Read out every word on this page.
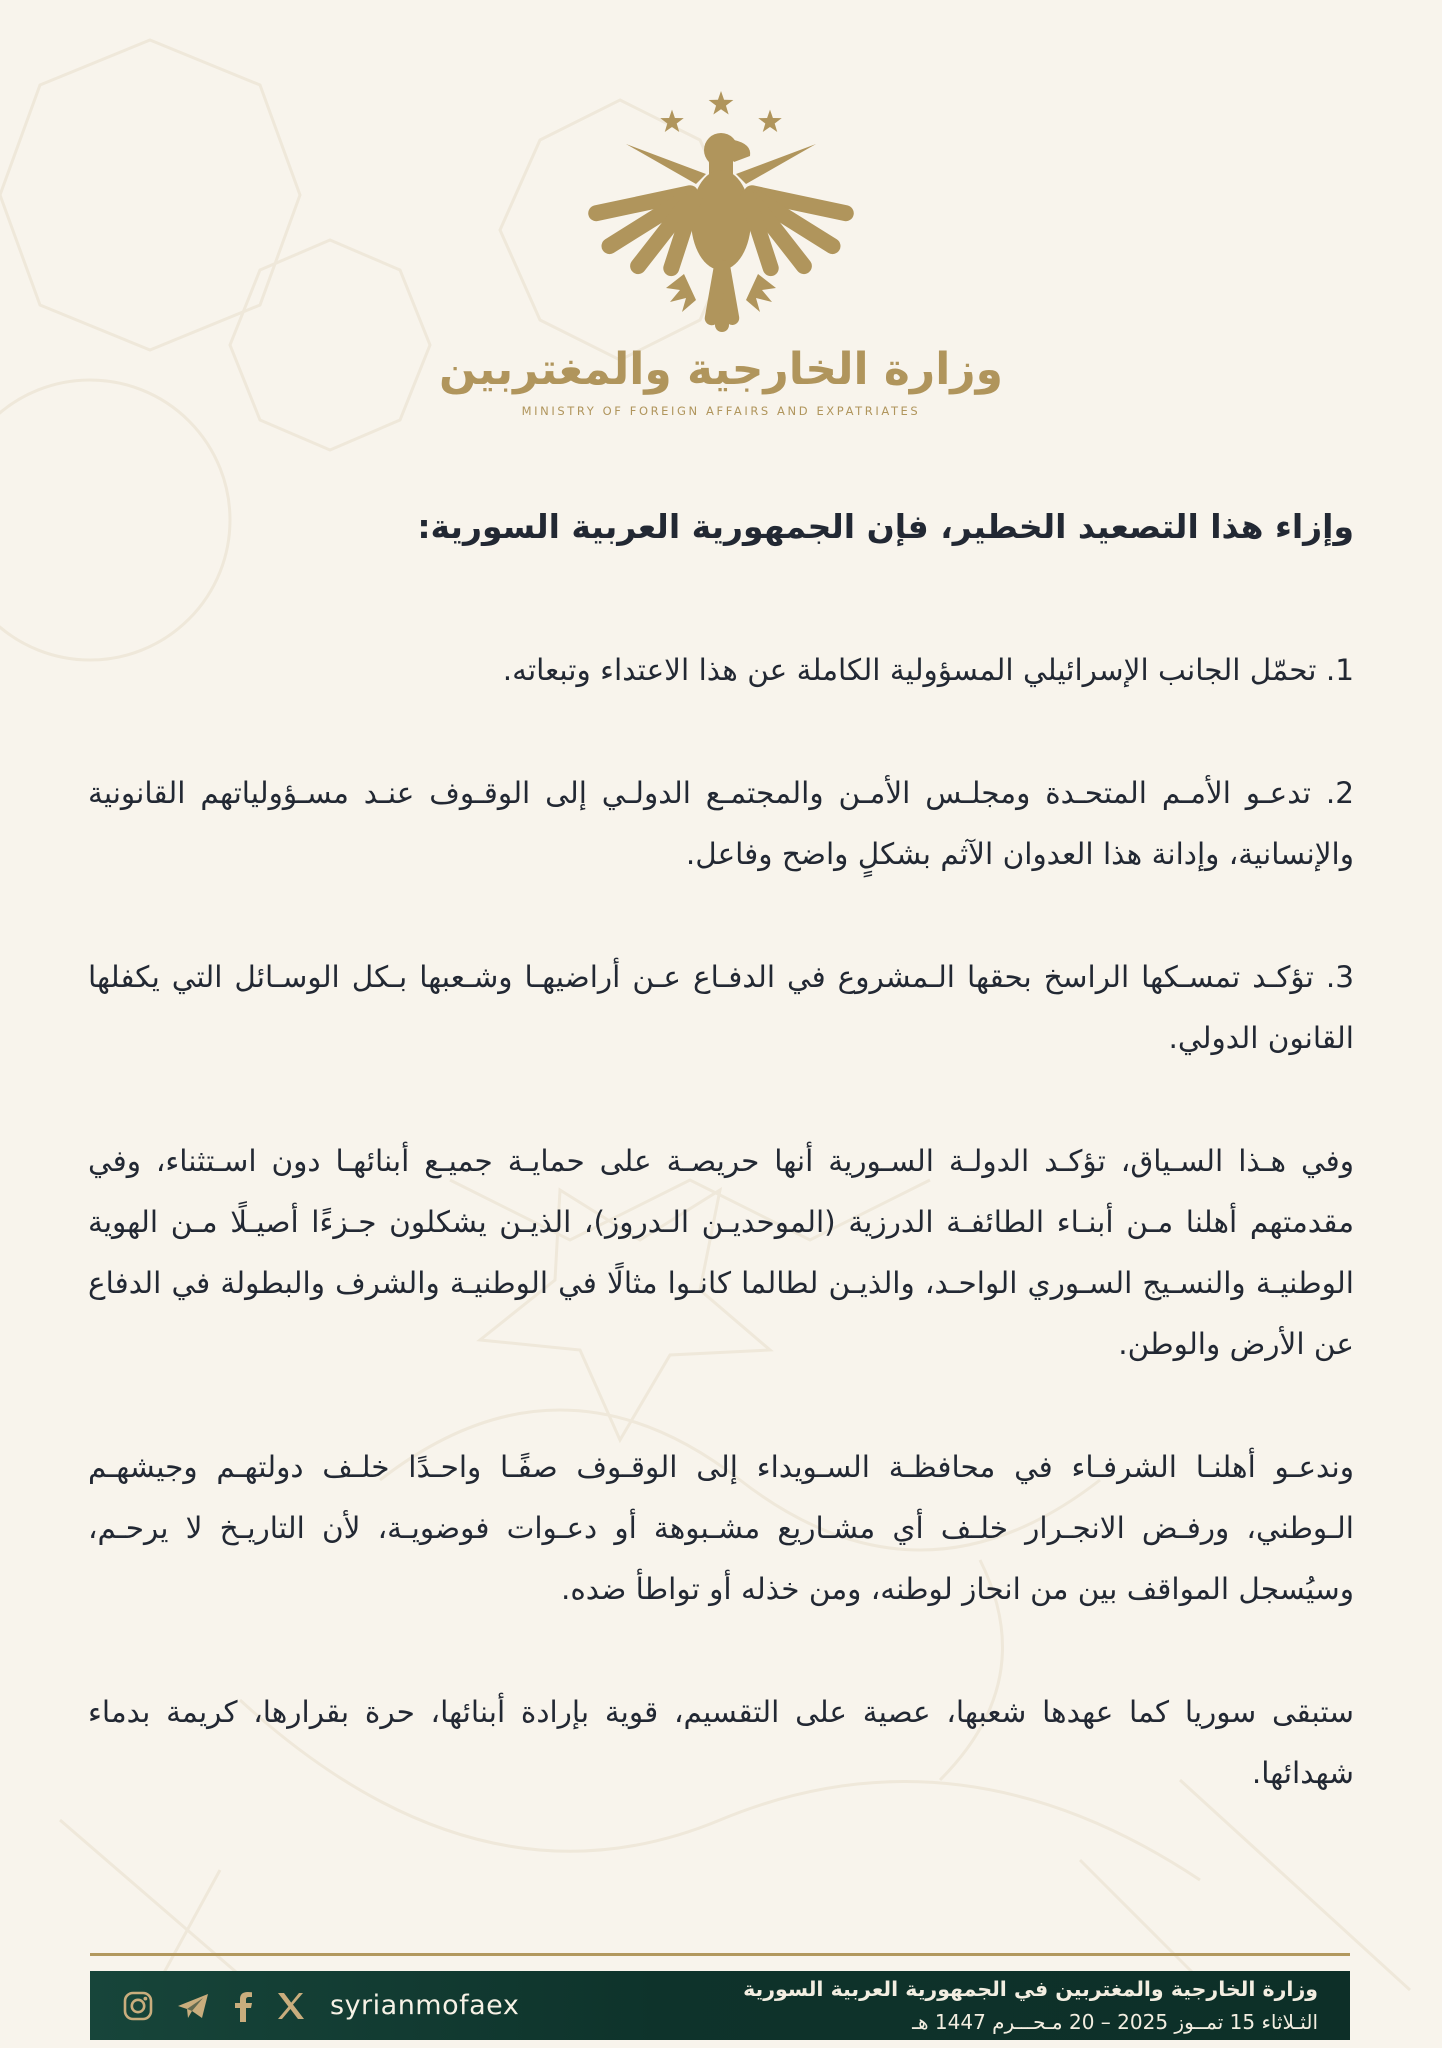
وزارة الخارجية والمغتربين
MINISTRY OF FOREIGN AFFAIRS AND EXPATRIATES
وإزاء هذا التصعيد الخطير، فإن الجمهورية العربية السورية:

1. تحمّل الجانب الإسرائيلي المسؤولية الكاملة عن هذا الاعتداء وتبعاته.

2. تدعـو الأمـم المتحـدة ومجلـس الأمـن والمجتمـع الدولـي إلى الوقـوف عنـد مسـؤولياتهم القانونية والإنسانية، وإدانة هذا العدوان الآثم بشكلٍ واضح وفاعل.

3. تؤكـد تمسـكها الراسخ بحقها الـمشروع في الدفـاع عـن أراضيهـا وشـعبها بـكل الوسـائل التي يكفلها القانون الدولي.

وفي هـذا السـياق، تؤكـد الدولـة السـورية أنها حريصـة على حمايـة جميـع أبنائهـا دون اسـتثناء، وفي مقدمتهم أهلنا مـن أبنـاء الطائفـة الدرزية (الموحديـن الـدروز)، الذيـن يشكلون جـزءًا أصيـلًا مـن الهوية الوطنيـة والنسـيج السـوري الواحـد، والذيـن لطالما كانـوا مثالًا في الوطنيـة والشرف والبطولة في الدفاع عن الأرض والوطن.

وندعـو أهلنـا الشرفـاء في محافظـة السـويداء إلى الوقـوف صفًـا واحـدًا خلـف دولتهـم وجيشهـم الـوطني، ورفـض الانجـرار خلـف أي مشـاريع مشـبوهة أو دعـوات فوضويـة، لأن التاريـخ لا يرحـم، وسيُسجل المواقف بين من انحاز لوطنه، ومن خذله أو تواطأ ضده.

ستبقى سوريا كما عهدها شعبها، عصية على التقسيم، قوية بإرادة أبنائها، حرة بقرارها، كريمة بدماء شهدائها.

syrianmofaex
وزارة الخارجية والمغتربين في الجمهورية العربية السورية
الثـلاثاء 15 تمــوز 2025 – 20 مـحـــرم 1447 هـ
